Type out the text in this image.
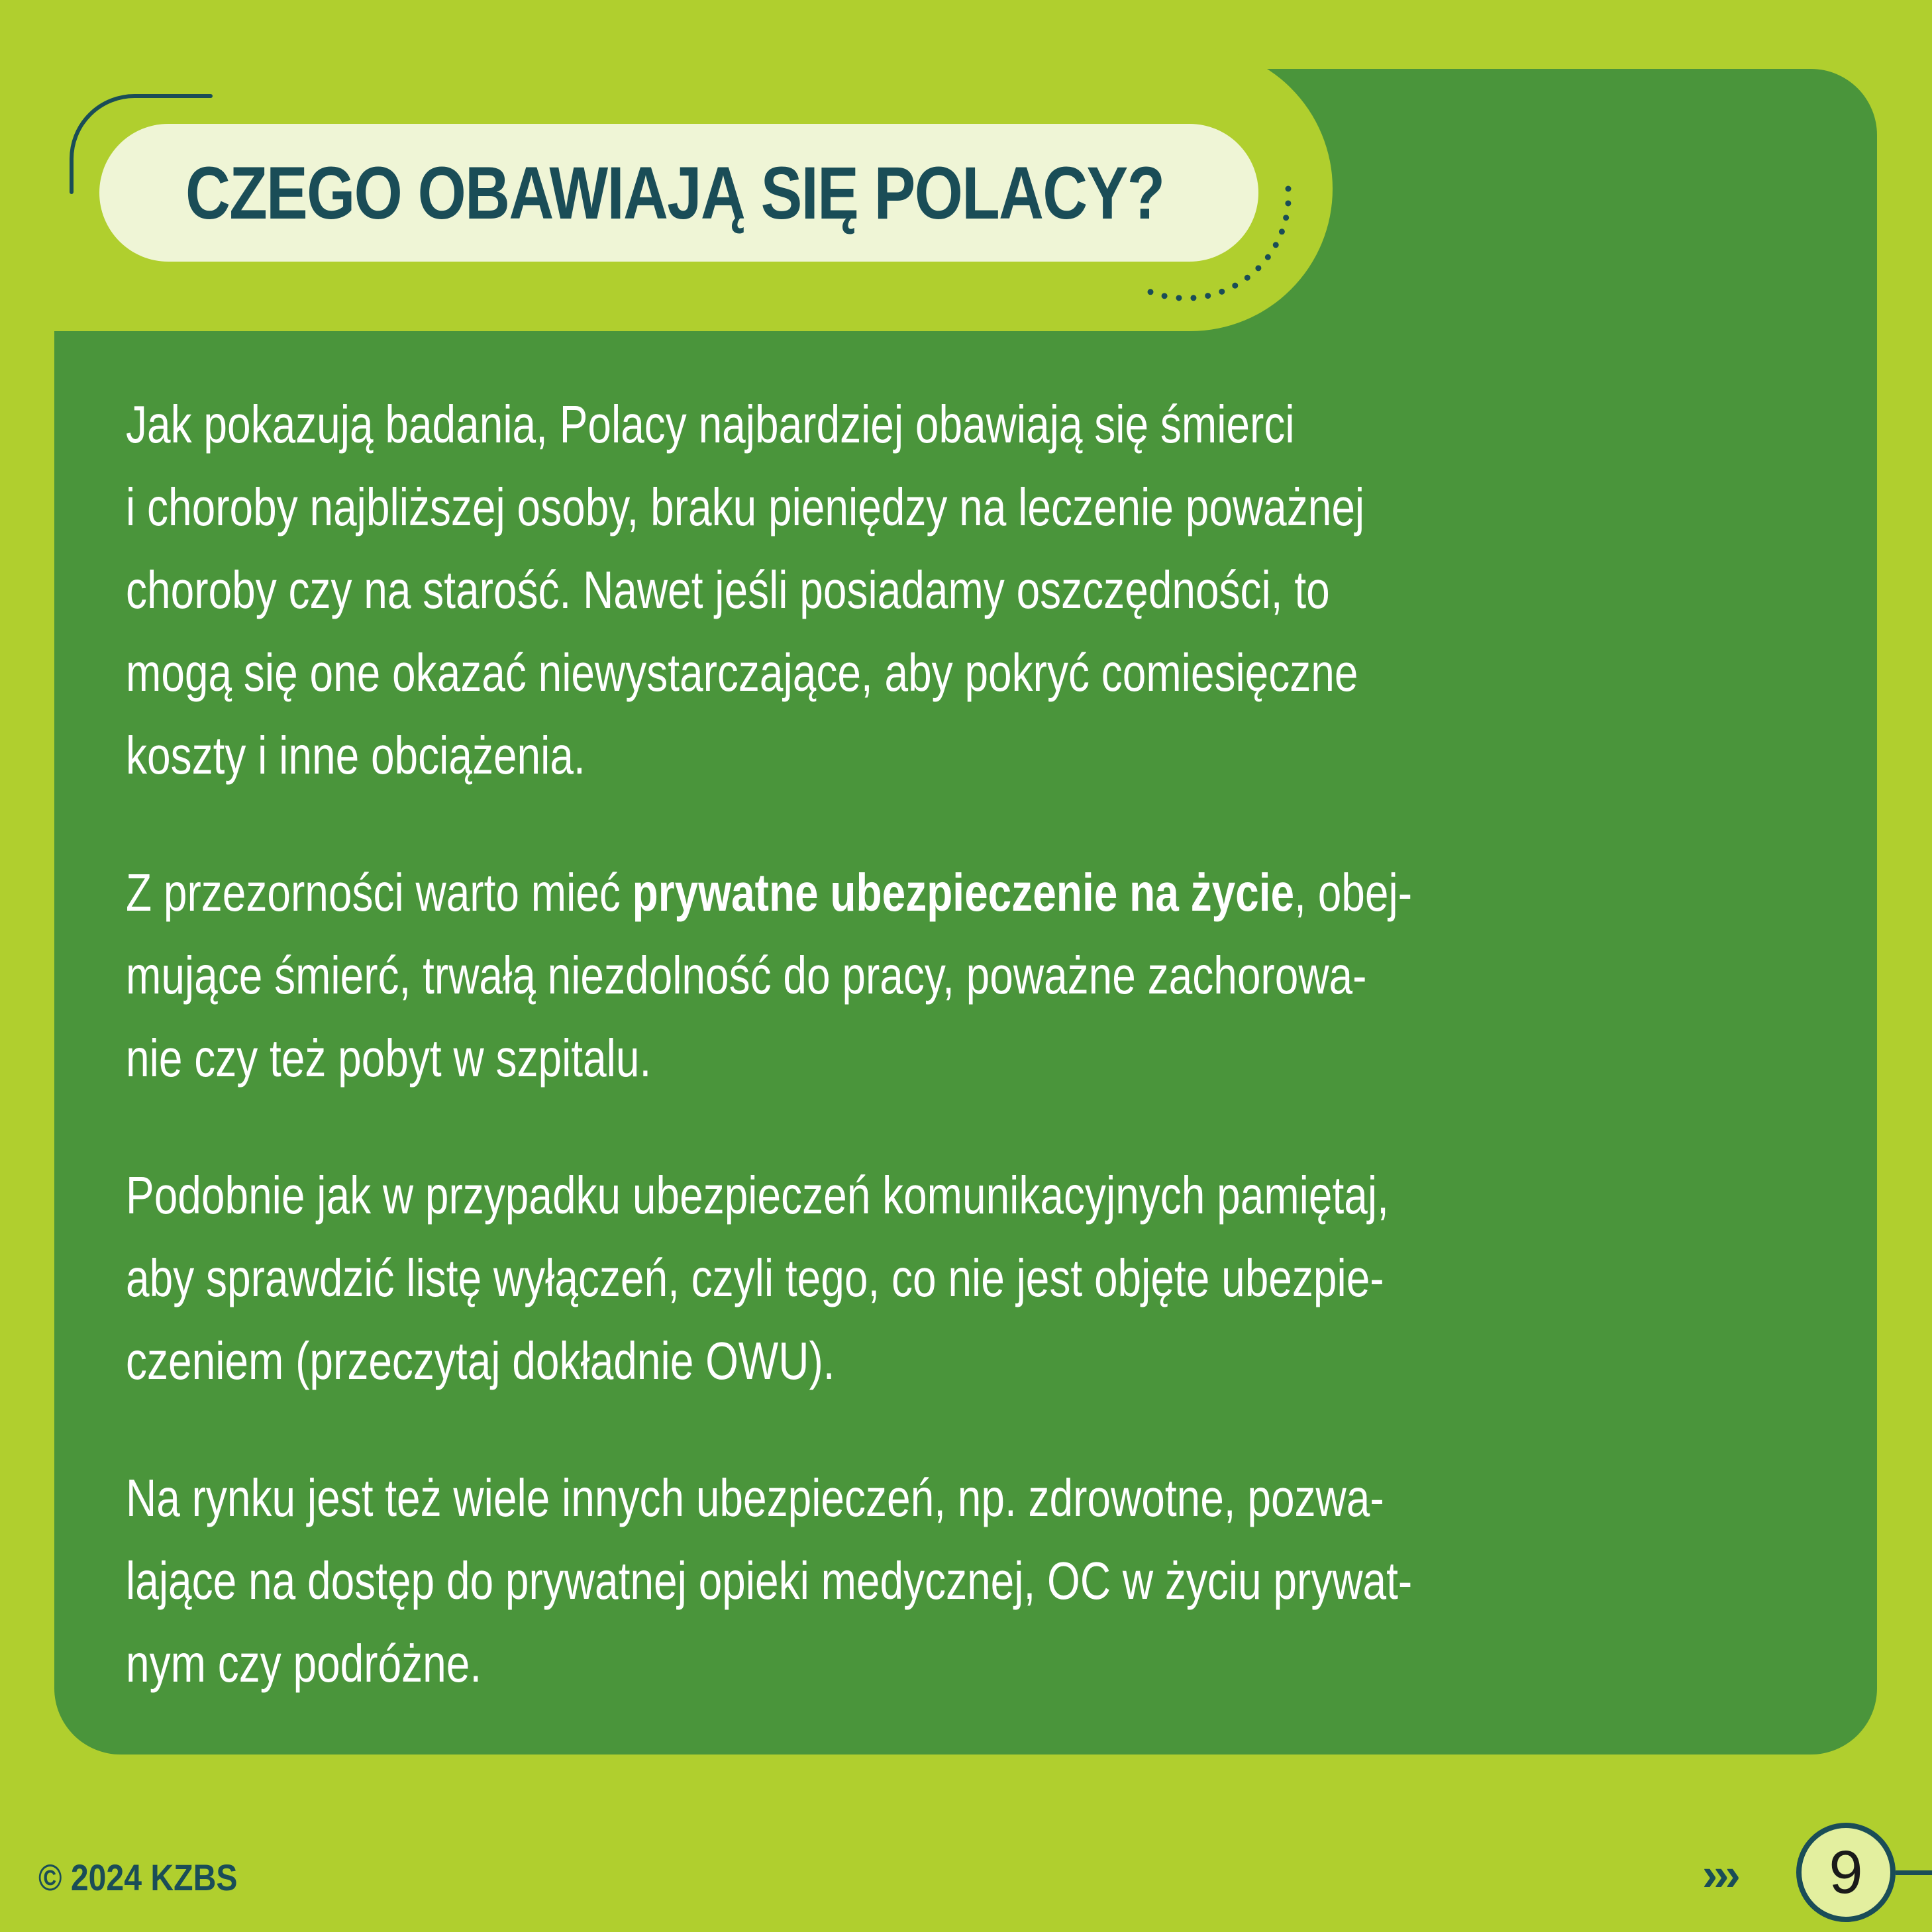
CZEGO OBAWIAJĄ SIĘ POLACY?

Jak pokazują badania, Polacy najbardziej obawiają się śmierci
i choroby najbliższej osoby, braku pieniędzy na leczenie poważnej
choroby czy na starość. Nawet jeśli posiadamy oszczędności, to
mogą się one okazać niewystarczające, aby pokryć comiesięczne
koszty i inne obciążenia.

Z przezorności warto mieć prywatne ubezpieczenie na życie, obej-
mujące śmierć, trwałą niezdolność do pracy, poważne zachorowa-
nie czy też pobyt w szpitalu.

Podobnie jak w przypadku ubezpieczeń komunikacyjnych pamiętaj,
aby sprawdzić listę wyłączeń, czyli tego, co nie jest objęte ubezpie-
czeniem (przeczytaj dokładnie OWU).

Na rynku jest też wiele innych ubezpieczeń, np. zdrowotne, pozwa-
lające na dostęp do prywatnej opieki medycznej, OC w życiu prywat-
nym czy podróżne.

© 2024 KZBS	››› 9
